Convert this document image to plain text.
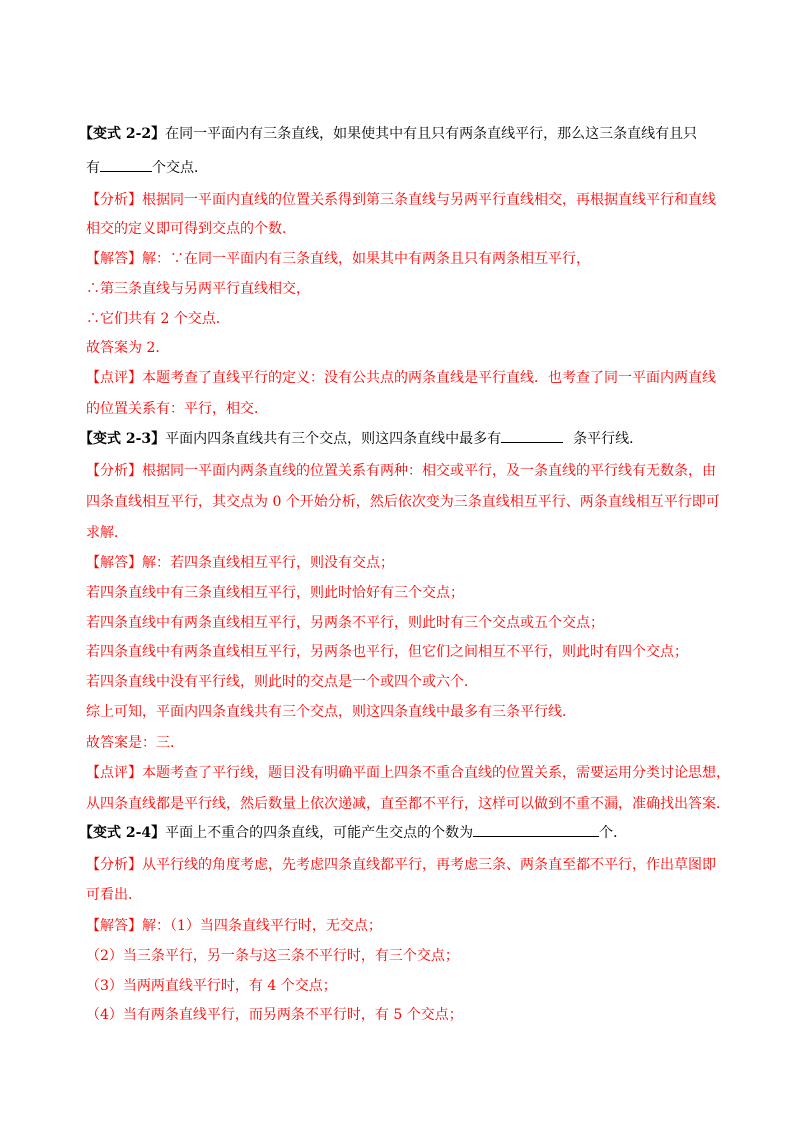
【变式 2-2】在同一平面内有三条直线，如果使其中有且只有两条直线平行，那么这三条直线有且只
有	个交点．
【分析】根据同一平面内直线的位置关系得到第三条直线与另两平行直线相交，再根据直线平行和直线
相交的定义即可得到交点的个数．
【解答】解：∵在同一平面内有三条直线，如果其中有两条且只有两条相互平行，
∴第三条直线与另两平行直线相交，
∴它们共有 2 个交点．
故答案为 2．
【点评】本题考查了直线平行的定义：没有公共点的两条直线是平行直线．也考查了同一平面内两直线
的位置关系有：平行，相交．
【变式 2-3】平面内四条直线共有三个交点，则这四条直线中最多有	条平行线．
【分析】根据同一平面内两条直线的位置关系有两种：相交或平行，及一条直线的平行线有无数条，由
四条直线相互平行，其交点为 0 个开始分析，然后依次变为三条直线相互平行、两条直线相互平行即可
求解．
【解答】解：若四条直线相互平行，则没有交点；
若四条直线中有三条直线相互平行，则此时恰好有三个交点；
若四条直线中有两条直线相互平行，另两条不平行，则此时有三个交点或五个交点；
若四条直线中有两条直线相互平行，另两条也平行，但它们之间相互不平行，则此时有四个交点；
若四条直线中没有平行线，则此时的交点是一个或四个或六个．
综上可知，平面内四条直线共有三个交点，则这四条直线中最多有三条平行线．
故答案是：三．
【点评】本题考查了平行线，题目没有明确平面上四条不重合直线的位置关系，需要运用分类讨论思想，
从四条直线都是平行线，然后数量上依次递减，直至都不平行，这样可以做到不重不漏，准确找出答案．
【变式 2-4】平面上不重合的四条直线，可能产生交点的个数为	个．
【分析】从平行线的角度考虑，先考虑四条直线都平行，再考虑三条、两条直至都不平行，作出草图即
可看出．
【解答】解：（1）当四条直线平行时，无交点；
（2）当三条平行，另一条与这三条不平行时，有三个交点；
（3）当两两直线平行时，有 4 个交点；
（4）当有两条直线平行，而另两条不平行时，有 5 个交点；
